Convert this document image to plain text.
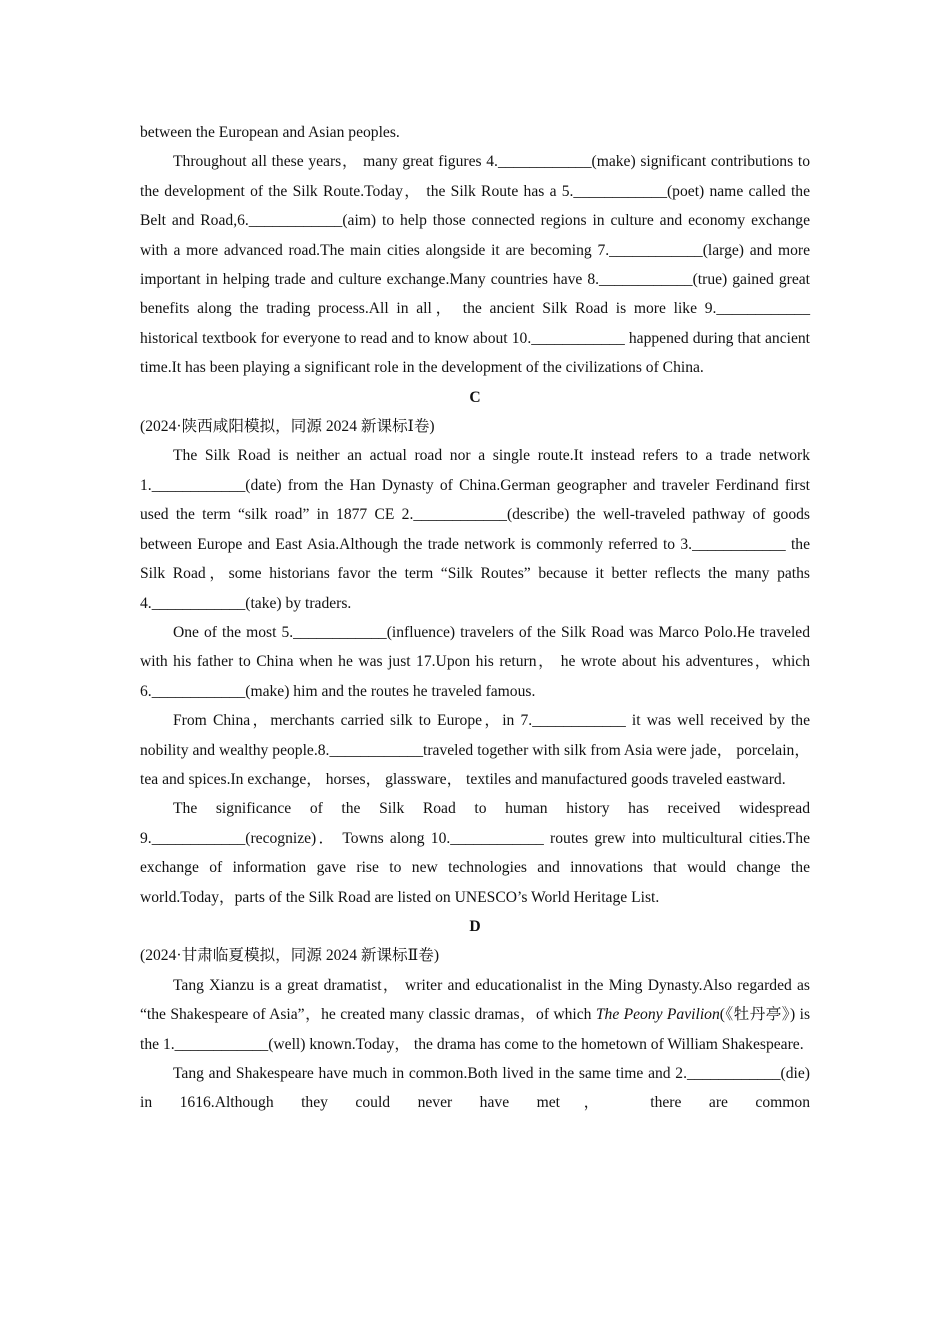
between the European and Asian peoples.

Throughout all these years， many great figures 4.____________(make) significant contributions to the development of the Silk Route.Today， the Silk Route has a 5.____________(poet) name called the Belt and Road,6.____________(aim) to help those connected regions in culture and economy exchange with a more advanced road.The main cities alongside it are becoming 7.____________(large) and more important in helping trade and culture exchange.Many countries have 8.____________(true) gained great benefits along the trading process.All in all， the ancient Silk Road is more like 9.____________ historical textbook for everyone to read and to know about 10.____________ happened during that ancient time.It has been playing a significant role in the development of the civilizations of China.

C

(2024·陕西咸阳模拟，同源 2024 新课标Ⅰ卷)

The Silk Road is neither an actual road nor a single route.It instead refers to a trade network 1.____________(date) from the Han Dynasty of China.German geographer and traveler Ferdinand first used the term “silk road” in 1877 CE 2.____________(describe) the well-traveled pathway of goods between Europe and East Asia.Although the trade network is commonly referred to 3.____________ the Silk Road，some historians favor the term “Silk Routes” because it better reflects the many paths 4.____________(take) by traders.

One of the most 5.____________(influence) travelers of the Silk Road was Marco Polo.He traveled with his father to China when he was just 17.Upon his return， he wrote about his adventures，which 6.____________(make) him and the routes he traveled famous.

From China，merchants carried silk to Europe，in 7.____________ it was well received by the nobility and wealthy people.8.____________traveled together with silk from Asia were jade， porcelain， tea and spices.In exchange， horses， glassware， textiles and manufactured goods traveled eastward.

The significance of the Silk Road to human history has received widespread 9.____________(recognize)． Towns along 10.____________ routes grew into multicultural cities.The exchange of information gave rise to new technologies and innovations that would change the world.Today，parts of the Silk Road are listed on UNESCO’s World Heritage List.

D

(2024·甘肃临夏模拟，同源 2024 新课标Ⅱ卷)

Tang Xianzu is a great dramatist， writer and educationalist in the Ming Dynasty.Also regarded as “the Shakespeare of Asia”，he created many classic dramas，of which The Peony Pavilion(《牡丹亭》) is the 1.____________(well) known.Today， the drama has come to the hometown of William Shakespeare.

Tang and Shakespeare have much in common.Both lived in the same time and 2.____________(die) in 1616.Although they could never have met， there are common
